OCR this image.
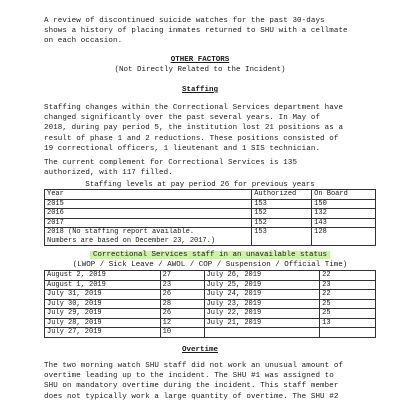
A review of discontinued suicide watches for the past 30-days
shows a history of placing inmates returned to SHU with a cellmate
on each occasion.
OTHER FACTORS
(Not Directly Related to the Incident)
Staffing
Staffing changes within the Correctional Services department have
changed significantly over the past several years. In May of
2018, during pay period 5, the institution lost 21 positions as a
result of phase 1 and 2 reductions. These positions consisted of
19 correctional officers, 1 lieutenant and 1 SIS technician.
The current complement for Correctional Services is 135
authorized, with 117 filled.
Staffing levels at pay period 26 for previous years
Year	Authorized	On Board
2015	153	150
2016	152	132
2017	152	143
2018 (No staffing report available.
Numbers are based on December 23, 2017.)	153	128
Correctional Services staff in an unavailable status
(LWOP / Sick Leave / AWOL / COP / Suspension / Official Time)
August 2, 2019	27	July 26, 2019	22
August 1, 2019	23	July 25, 2019	23
July 31, 2019	26	July 24, 2019	22
July 30, 2019	28	July 23, 2019	25
July 29, 2019	26	July 22, 2019	25
July 28, 2019	12	July 21, 2019	13
July 27, 2019	10		
Overtime
The two morning watch SHU staff did not work an unusual amount of
overtime leading up to the incident. The SHU #1 was assigned to
SHU on mandatory overtime during the incident. This staff member
does not typically work a large quantity of overtime. The SHU #2
